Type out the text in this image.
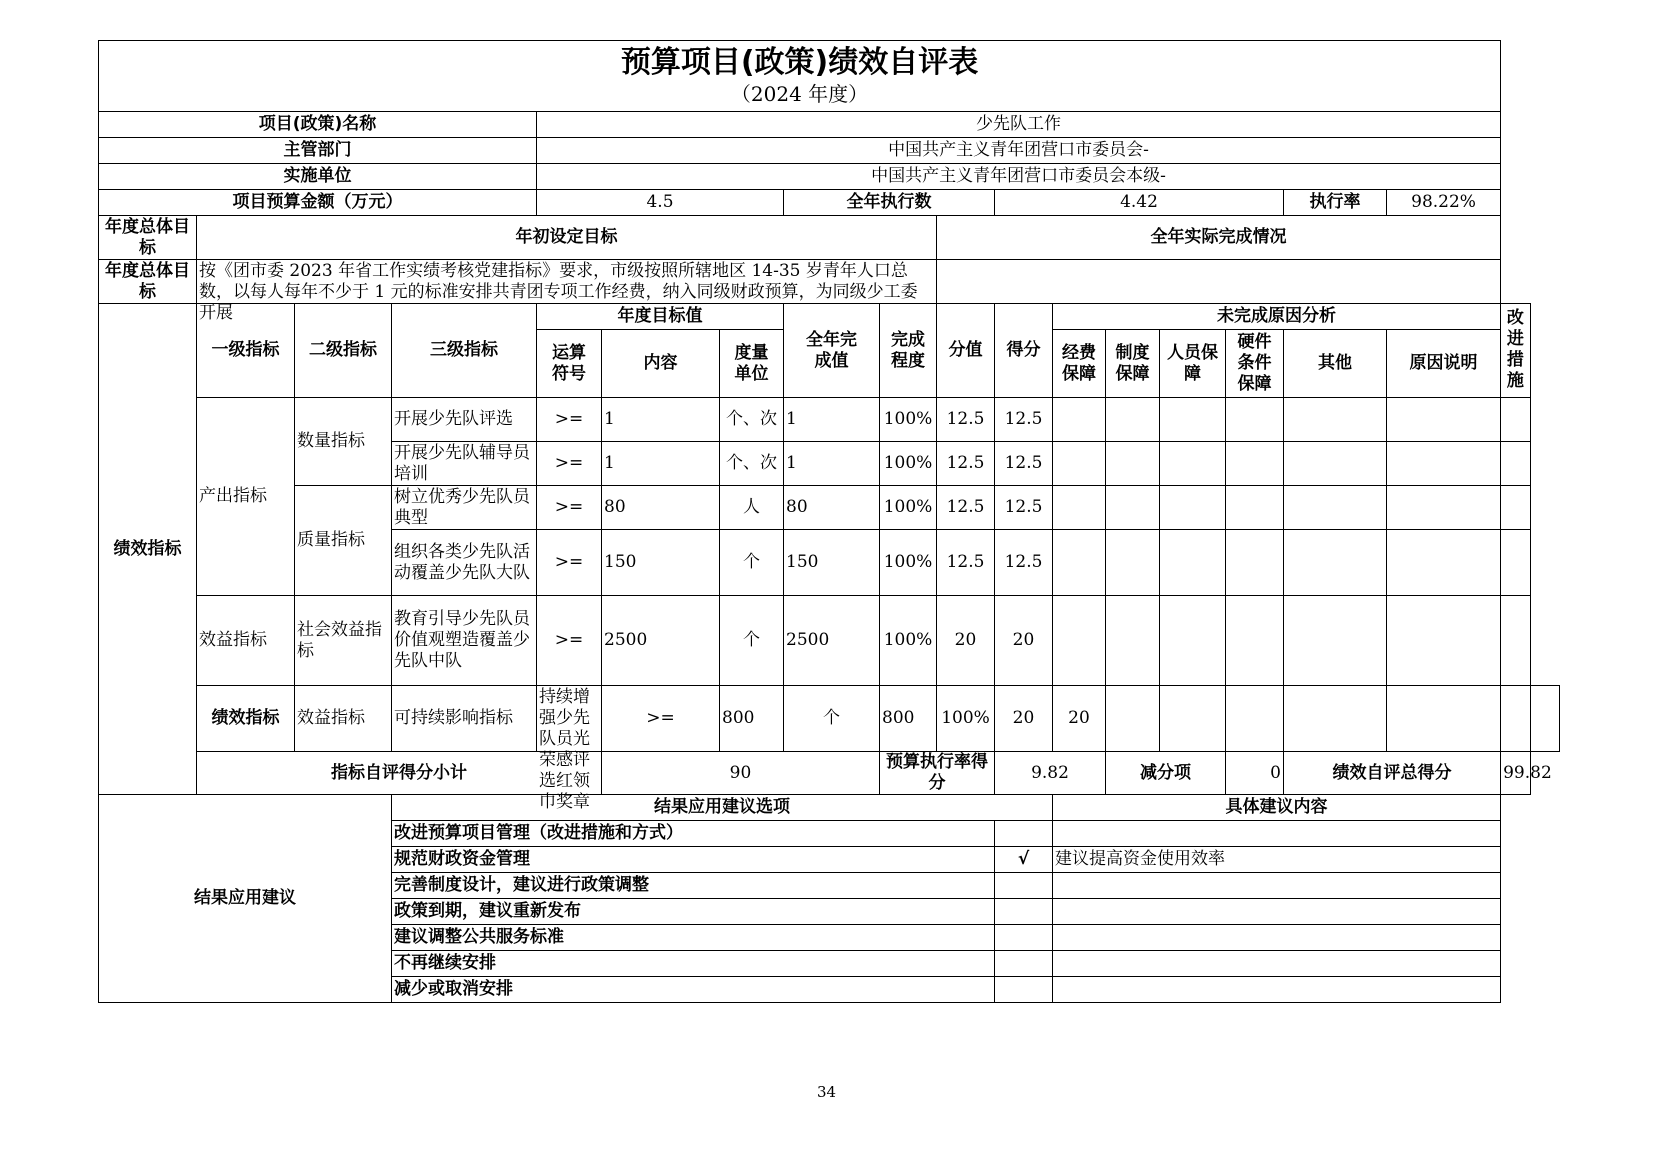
预算项目(政策)绩效自评表
（2024 年度）																		

项目(政策)名称				少先队工作														
主管部门				中国共产主义青年团营口市委员会-														
实施单位				中国共产主义青年团营口市委员会本级-														
项目预算金额（万元）				4.5			全年执行数			4.42					执行率	98.22%		

年度总体目标	年初设定目标								全年实际完成情况									

年度总体目标	按《团市委 2023 年省工作实绩考核党建指标》要求，市级按照所辖地区 14-35 岁青年人口总数，以每人每年不少于 1 元的标准安排共青团专项工作经费，纳入同级财政预算，为同级少工委开展																	

绩效指标	一级指标	二级指标	三级指标	年度目标值			全年完成值	完成程度	分值	得分	未完成原因分析						改进措施	

				运算符号	内容	度量单位					经费保障	制度保障	人员保障	硬件条件保障	其他	原因说明		
	产出指标	数量指标	开展少先队评选	>=	1	个、次	1	100%	12.5	12.5								

			开展少先队辅导员培训	>=	1	个、次	1	100%	12.5	12.5								
		质量指标	树立优秀少先队员典型	>=	80	人	80	100%	12.5	12.5								

			组织各类少先队活动覆盖少先队大队	>=	150	个	150	100%	12.5	12.5								
	效益指标	社会效益指标	教育引导少先队员价值观塑造覆盖少先队中队	>=	2500	个	2500	100%	20	20								
	绩效指标	效益指标	可持续影响指标	持续增强少先队员光荣感评选红领巾奖章	>=	800	个	800	100%	20	20							
	指标自评得分小计				90			预算执行率得分		9.82		减分项		0	绩效自评总得分		99.82	
结果应用建议			结果应用建议选项								具体建议内容							
			改进预算项目管理（改进措施和方式）															
			规范财政资金管理							√	建议提高资金使用效率							
			完善制度设计，建议进行政策调整															
			政策到期，建议重新发布															
			建议调整公共服务标准															
			不再继续安排															
			减少或取消安排															
34
